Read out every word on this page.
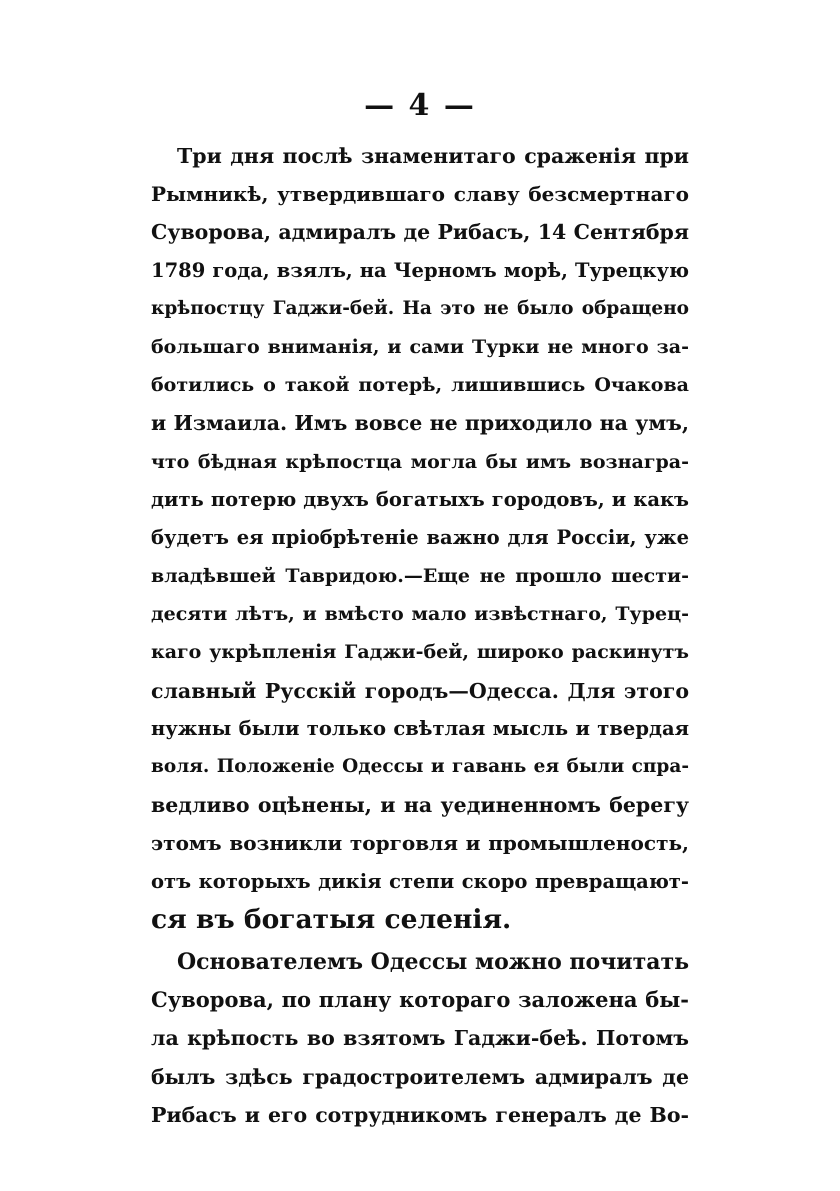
— 4 —
Три дня послѣ знаменитаго сраженія при
Рымникѣ, утвердившаго славу безсмертнаго
Суворова, адмиралъ де Рибасъ, 14 Сентября
1789 года, взялъ, на Черномъ морѣ, Турецкую
крѣпостцу Гаджи-бей. На это не было обращено
большаго вниманія, и сами Турки не много за-
ботились о такой потерѣ, лишившись Очакова
и Измаила. Имъ вовсе не приходило на умъ,
что бѣдная крѣпостца могла бы имъ вознагра-
дить потерю двухъ богатыхъ городовъ, и какъ
будетъ ея пріобрѣтеніе важно для Россіи, уже
владѣвшей Тавридою.—Еще не прошло шести-
десяти лѣтъ, и вмѣсто мало извѣстнаго, Турец-
каго укрѣпленія Гаджи-бей, широко раскинутъ
славный Русскій городъ—Одесса. Для этого
нужны были только свѣтлая мысль и твердая
воля. Положеніе Одессы и гавань ея были спра-
ведливо оцѣнены, и на уединенномъ берегу
этомъ возникли торговля и промышленость,
отъ которыхъ дикія степи скоро превращают-
ся въ богатыя селенія.
Основателемъ Одессы можно почитать
Суворова, по плану котораго заложена бы-
ла крѣпость во взятомъ Гаджи-беѣ. Потомъ
былъ здѣсь градостроителемъ адмиралъ де
Рибасъ и его сотрудникомъ генералъ де Во-
